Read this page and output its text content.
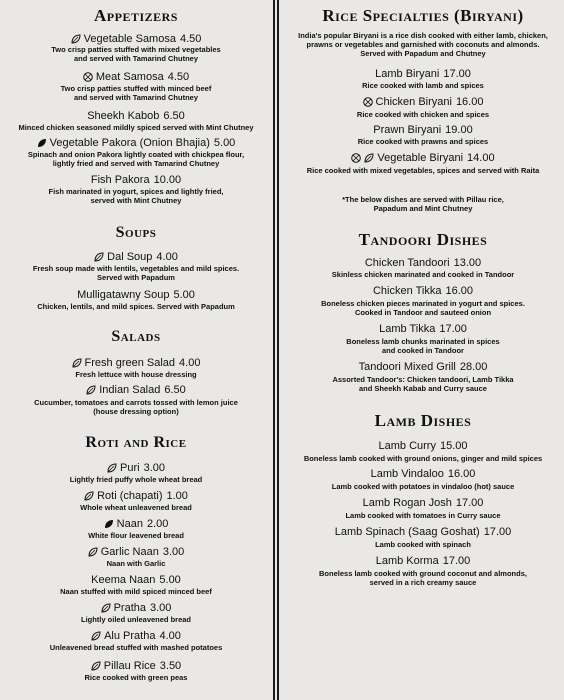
Appetizers
Vegetable Samosa 4.50
Two crisp patties stuffed with mixed vegetables
and served with Tamarind Chutney
Meat Samosa 4.50
Two crisp patties stuffed with minced beef
and served with Tamarind Chutney
Sheekh Kabob 6.50
Minced chicken seasoned mildly spiced served with Mint Chutney
Vegetable Pakora (Onion Bhajia) 5.00
Spinach and onion Pakora lightly coated with chickpea flour,
lightly fried and served with Tamarind Chutney
Fish Pakora 10.00
Fish marinated in yogurt, spices and lightly fried,
served with Mint Chutney
Soups
Dal Soup 4.00
Fresh soup made with lentils, vegetables and mild spices.
Served with Papadum
Mulligatawny Soup 5.00
Chicken, lentils, and mild spices. Served with Papadum
Salads
Fresh green Salad 4.00
Fresh lettuce with house dressing
Indian Salad 6.50
Cucumber, tomatoes and carrots tossed with lemon juice
(house dressing option)
Roti and Rice
Puri 3.00
Lightly fried puffy whole wheat bread
Roti (chapati) 1.00
Whole wheat unleavened bread
Naan 2.00
White flour leavened bread
Garlic Naan 3.00
Naan with Garlic
Keema Naan 5.00
Naan stuffed with mild spiced minced beef
Pratha 3.00
Lightly oiled unleavened bread
Alu Pratha 4.00
Unleavened bread stuffed with mashed potatoes
Pillau Rice 3.50
Rice cooked with green peas
Rice Specialties (Biryani)
India's popular Biryani is a rice dish cooked with either lamb, chicken,
prawns or vegetables and garnished with coconuts and almonds.
Served with Papadum and Chutney
Lamb Biryani 17.00
Rice cooked with lamb and spices
Chicken Biryani 16.00
Rice cooked with chicken and spices
Prawn Biryani 19.00
Rice cooked with prawns and spices
Vegetable Biryani 14.00
Rice cooked with mixed vegetables, spices and served with Raita
*The below dishes are served with Pillau rice,
Papadum and Mint Chutney
Tandoori Dishes
Chicken Tandoori 13.00
Skinless chicken marinated and cooked in Tandoor
Chicken Tikka 16.00
Boneless chicken pieces marinated in yogurt and spices.
Cooked in Tandoor and sauteed onion
Lamb Tikka 17.00
Boneless lamb chunks marinated in spices
and cooked in Tandoor
Tandoori Mixed Grill 28.00
Assorted Tandoor's: Chicken tandoori, Lamb Tikka
and Sheekh Kabab and Curry sauce
Lamb Dishes
Lamb Curry 15.00
Boneless lamb cooked with ground onions, ginger and mild spices
Lamb Vindaloo 16.00
Lamb cooked with potatoes in vindaloo (hot) sauce
Lamb Rogan Josh 17.00
Lamb cooked with tomatoes in Curry sauce
Lamb Spinach (Saag Goshat) 17.00
Lamb cooked with spinach
Lamb Korma 17.00
Boneless lamb cooked with ground coconut and almonds,
served in a rich creamy sauce
